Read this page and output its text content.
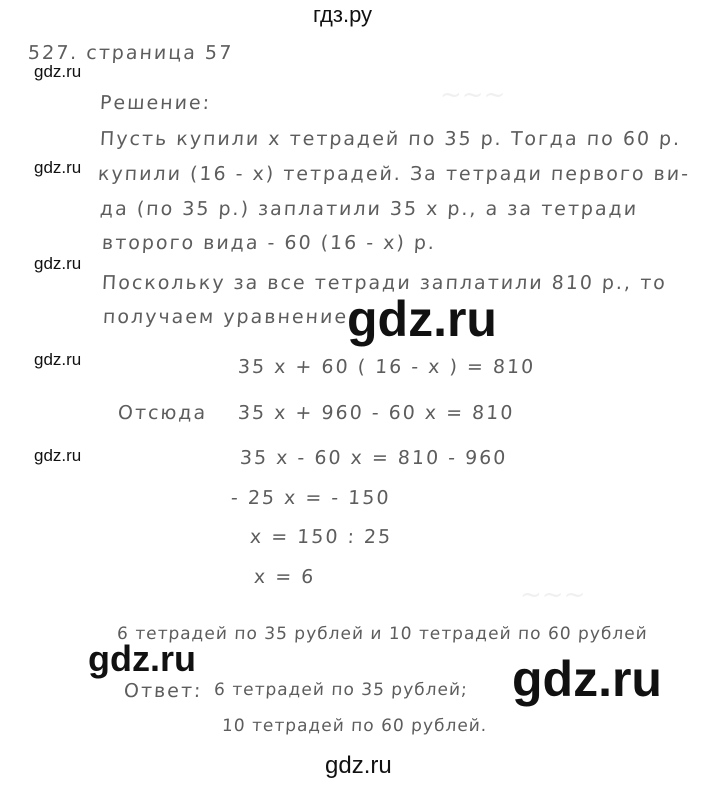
гдз.ру
~~~
~~~
527. страница 57
Решение:
Пусть купили x тетрадей по 35 р. Тогда по 60 р.
купили (16 - x) тетрадей. За тетради первого ви-
да (по 35 р.) заплатили 35 x р., а за тетради
второго вида - 60 (16 - x) р.
Поскольку за все тетради заплатили 810 р., то
получаем уравнение
35 x + 60 ( 16 - x ) = 810
Отсюда 35 x + 960 - 60 x = 810
35 x - 60 x = 810 - 960
- 25 x = - 150
x = 150 : 25
x = 6
6 тетрадей по 35 рублей и 10 тетрадей по 60 рублей
Ответ: 6 тетрадей по 35 рублей;
10 тетрадей по 60 рублей.
gdz.ru
gdz.ru
gdz.ru
gdz.ru
gdz.ru
gdz.ru
gdz.ru	gdz.ru
gdz.ru
